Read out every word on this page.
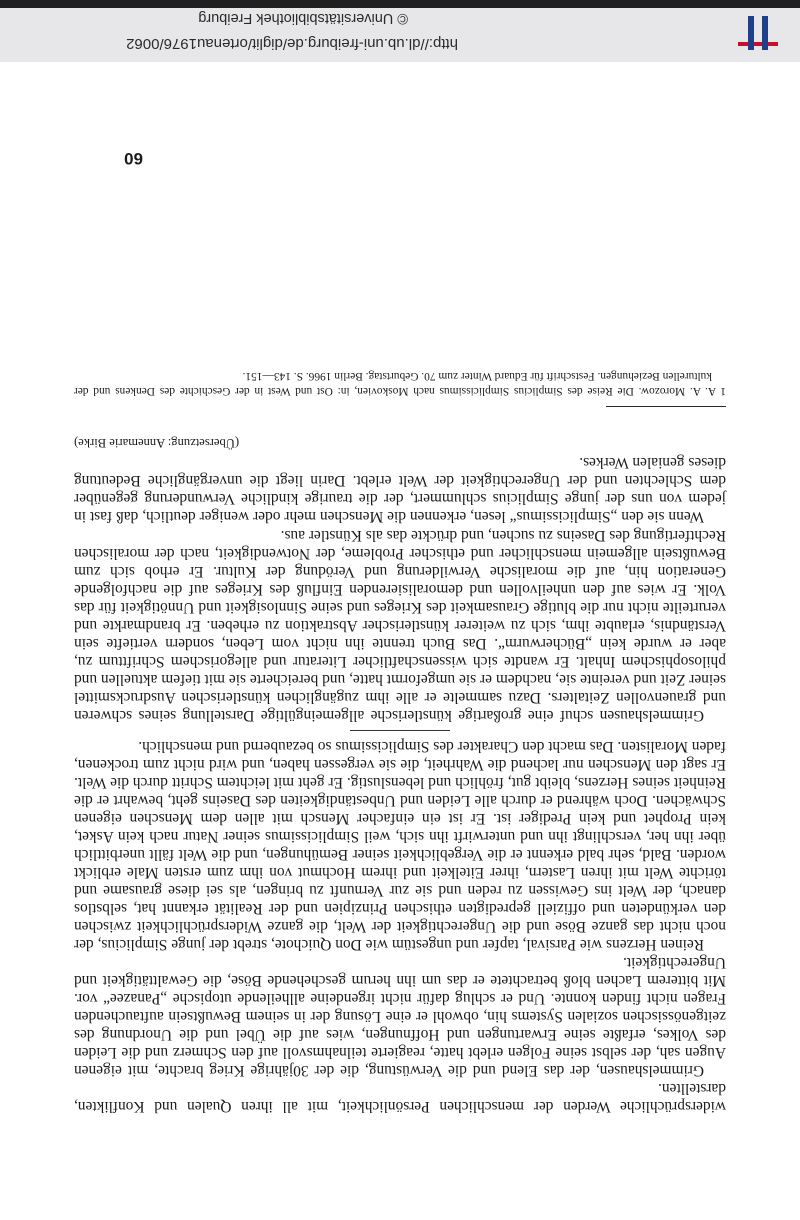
widersprüchliche Werden der menschlichen Persönlichkeit, mit all ihren Qualen und Konflikten, darstellten.

Grimmelshausen, der das Elend und die Verwüstung, die der 30jährige Krieg brachte, mit eigenen Augen sah, der selbst seine Folgen erlebt hatte, reagierte teilnahmsvoll auf den Schmerz und die Leiden des Volkes, erfaßte seine Erwartungen und Hoffnungen, wies auf die Übel und die Unordnung des zeitgenössischen sozialen Systems hin, obwohl er eine Lösung der in seinem Bewußtsein auftauchenden Fragen nicht finden konnte. Und er schlug dafür nicht irgendeine allheilende utopische „Panazee“ vor. Mit bitterem Lachen bloß betrachtete er das um ihn herum geschehende Böse, die Gewalttätigkeit und Ungerechtigkeit.

Reinen Herzens wie Parsival, tapfer und ungestüm wie Don Quichote, strebt der junge Simplicius, der noch nicht das ganze Böse und die Ungerechtigkeit der Welt, die ganze Widersprüchlichkeit zwischen den verkündeten und offiziell gepredigten ethischen Prinzipien und der Realität erkannt hat, selbstlos danach, der Welt ins Gewissen zu reden und sie zur Vernunft zu bringen, als sei diese grausame und törichte Welt mit ihren Lastern, ihrer Eitelkeit und ihrem Hochmut von ihm zum ersten Male erblickt worden. Bald, sehr bald erkennt er die Vergeblichkeit seiner Bemühungen, und die Welt fällt unerbittlich über ihn her, verschlingt ihn und unterwirft ihn sich, weil Simplicissimus seiner Natur nach kein Asket, kein Prophet und kein Prediger ist. Er ist ein einfacher Mensch mit allen dem Menschen eigenen Schwächen. Doch während er durch alle Leiden und Unbeständigkeiten des Daseins geht, bewahrt er die Reinheit seines Herzens, bleibt gut, fröhlich und lebenslustig. Er geht mit leichtem Schritt durch die Welt. Er sagt den Menschen nur lachend die Wahrheit, die sie vergessen haben, und wird nicht zum trockenen, faden Moralisten. Das macht den Charakter des Simplicissimus so bezaubernd und menschlich.

Grimmelshausen schuf eine großartige künstlerische allgemeingültige Darstellung seines schweren und grauenvollen Zeitalters. Dazu sammelte er alle ihm zugänglichen künstlerischen Ausdrucksmittel seiner Zeit und vereinte sie, nachdem er sie umgeformt hatte, und bereicherte sie mit tiefem aktuellen und philosophischem Inhalt. Er wandte sich wissenschaftlicher Literatur und allegorischem Schrifttum zu, aber er wurde kein „Bücherwurm“. Das Buch trennte ihn nicht vom Leben, sondern vertiefte sein Verständnis, erlaubte ihm, sich zu weiterer künstlerischer Abstraktion zu erheben. Er brandmarkte und verurteilte nicht nur die blutige Grausamkeit des Krieges und seine Sinnlosigkeit und Unnötigkeit für das Volk. Er wies auf den unheilvollen und demoralisierenden Einfluß des Krieges auf die nachfolgende Generation hin, auf die moralische Verwilderung und Verödung der Kultur. Er erhob sich zum Bewußtsein allgemein menschlicher und ethischer Probleme, der Notwendigkeit, nach der moralischen Rechtfertigung des Daseins zu suchen, und drückte das als Künstler aus.

Wenn sie den „Simplicissimus“ lesen, erkennen die Menschen mehr oder weniger deutlich, daß fast in jedem von uns der junge Simplicius schlummert, der die traurige kindliche Verwunderung gegenüber dem Schlechten und der Ungerechtigkeit der Welt erlebt. Darin liegt die unvergängliche Bedeutung dieses genialen Werkes.

(Übersetzung: Annemarie Birke)

1 A. A. Morozow. Die Reise des Simplicius Simplicissimus nach Moskovien, in: Ost und West in der Geschichte des Denkens und der kulturellen Beziehungen. Festschrift für Eduard Winter zum 70. Geburtstag. Berlin 1966. S. 143—151.

60
http://dl.ub.uni-freiburg.de/diglit/ortenau1976/0062
© Universitätsbibliothek Freiburg
